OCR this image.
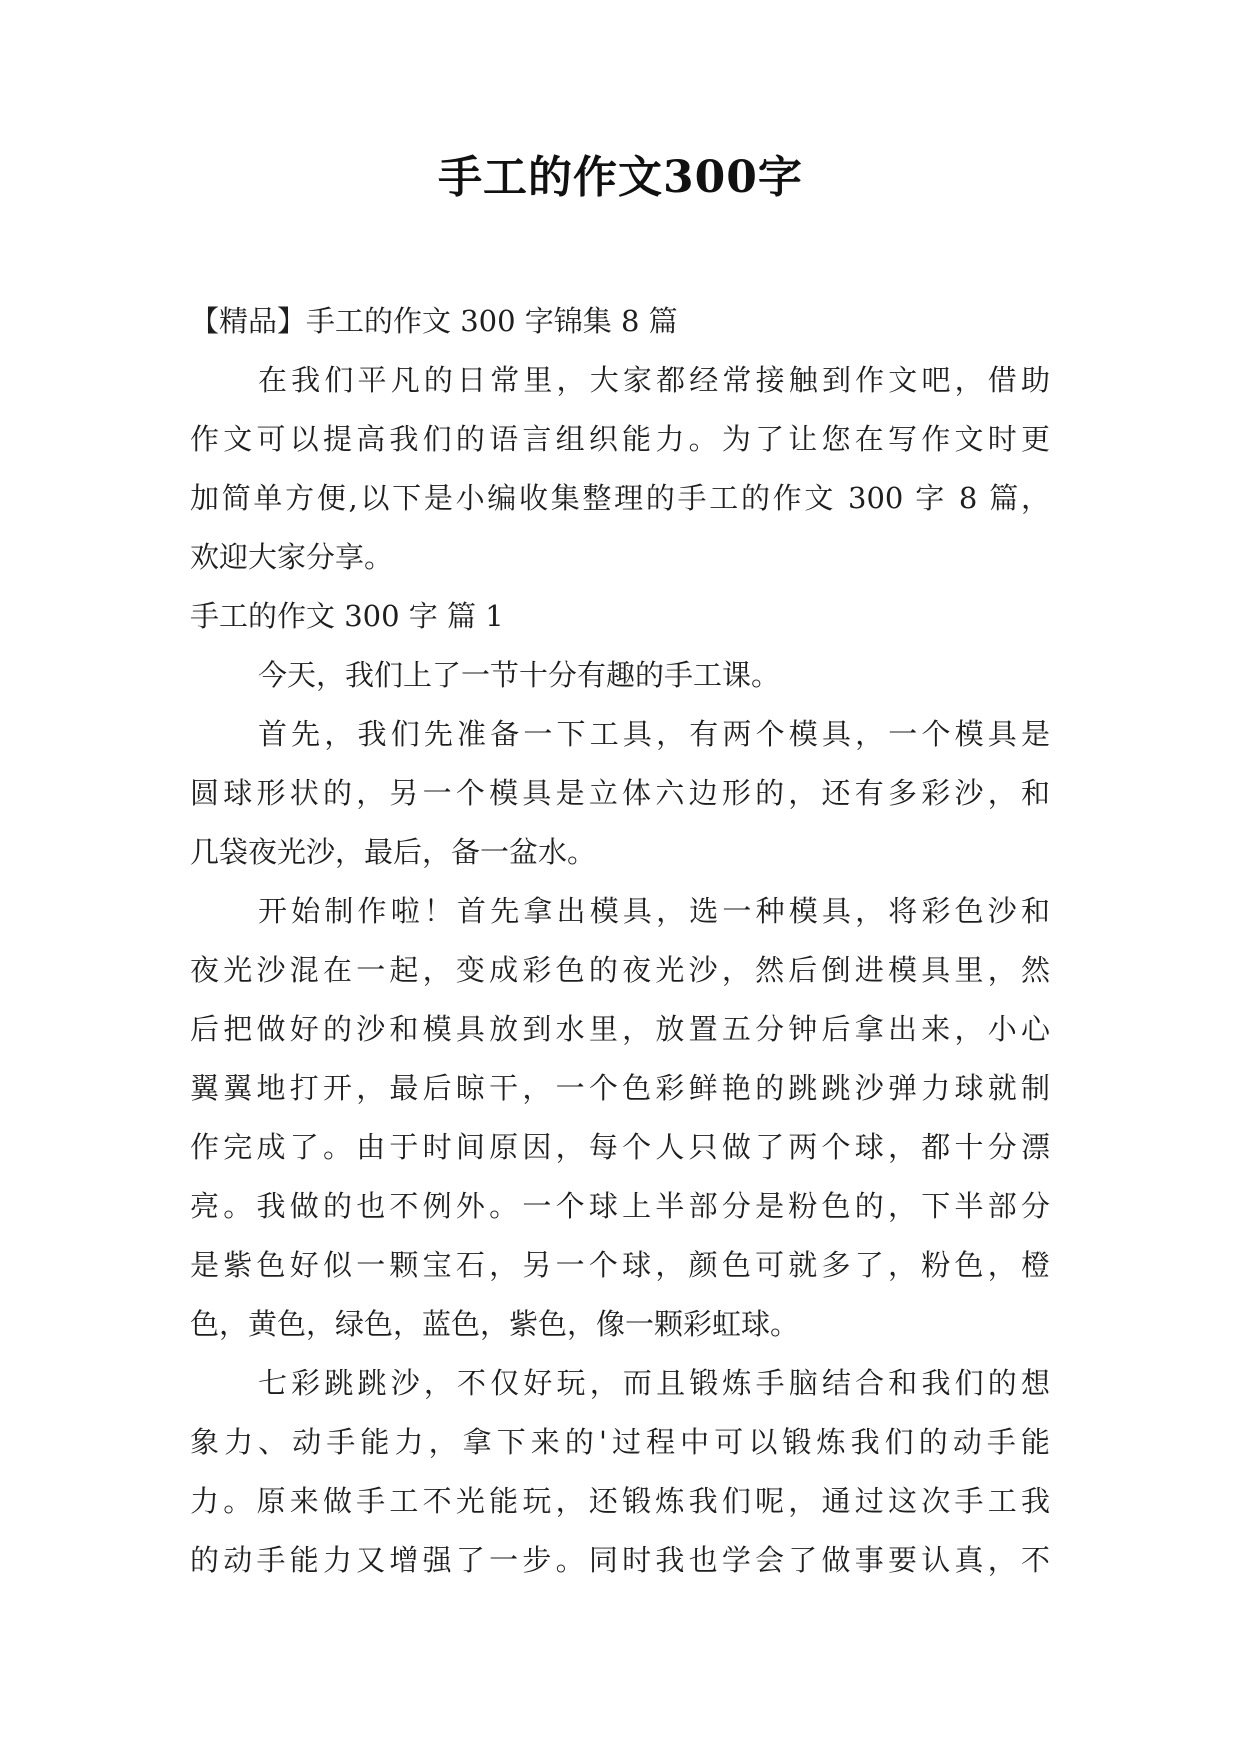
手工的作文300字
【精品】手工的作文 300 字锦集 8 篇
在我们平凡的日常里，大家都经常接触到作文吧，借助
作文可以提高我们的语言组织能力。为了让您在写作文时更
加简单方便,以下是小编收集整理的手工的作文 300 字 8 篇，
欢迎大家分享。
手工的作文 300 字 篇 1
今天，我们上了一节十分有趣的手工课。
首先，我们先准备一下工具，有两个模具，一个模具是
圆球形状的，另一个模具是立体六边形的，还有多彩沙，和
几袋夜光沙，最后，备一盆水。
开始制作啦！首先拿出模具，选一种模具，将彩色沙和
夜光沙混在一起，变成彩色的夜光沙，然后倒进模具里，然
后把做好的沙和模具放到水里，放置五分钟后拿出来，小心
翼翼地打开，最后晾干，一个色彩鲜艳的跳跳沙弹力球就制
作完成了。由于时间原因，每个人只做了两个球，都十分漂
亮。我做的也不例外。一个球上半部分是粉色的，下半部分
是紫色好似一颗宝石，另一个球，颜色可就多了，粉色，橙
色，黄色，绿色，蓝色，紫色，像一颗彩虹球。
七彩跳跳沙，不仅好玩，而且锻炼手脑结合和我们的想
象力、动手能力，拿下来的'过程中可以锻炼我们的动手能
力。原来做手工不光能玩，还锻炼我们呢，通过这次手工我
的动手能力又增强了一步。同时我也学会了做事要认真，不
